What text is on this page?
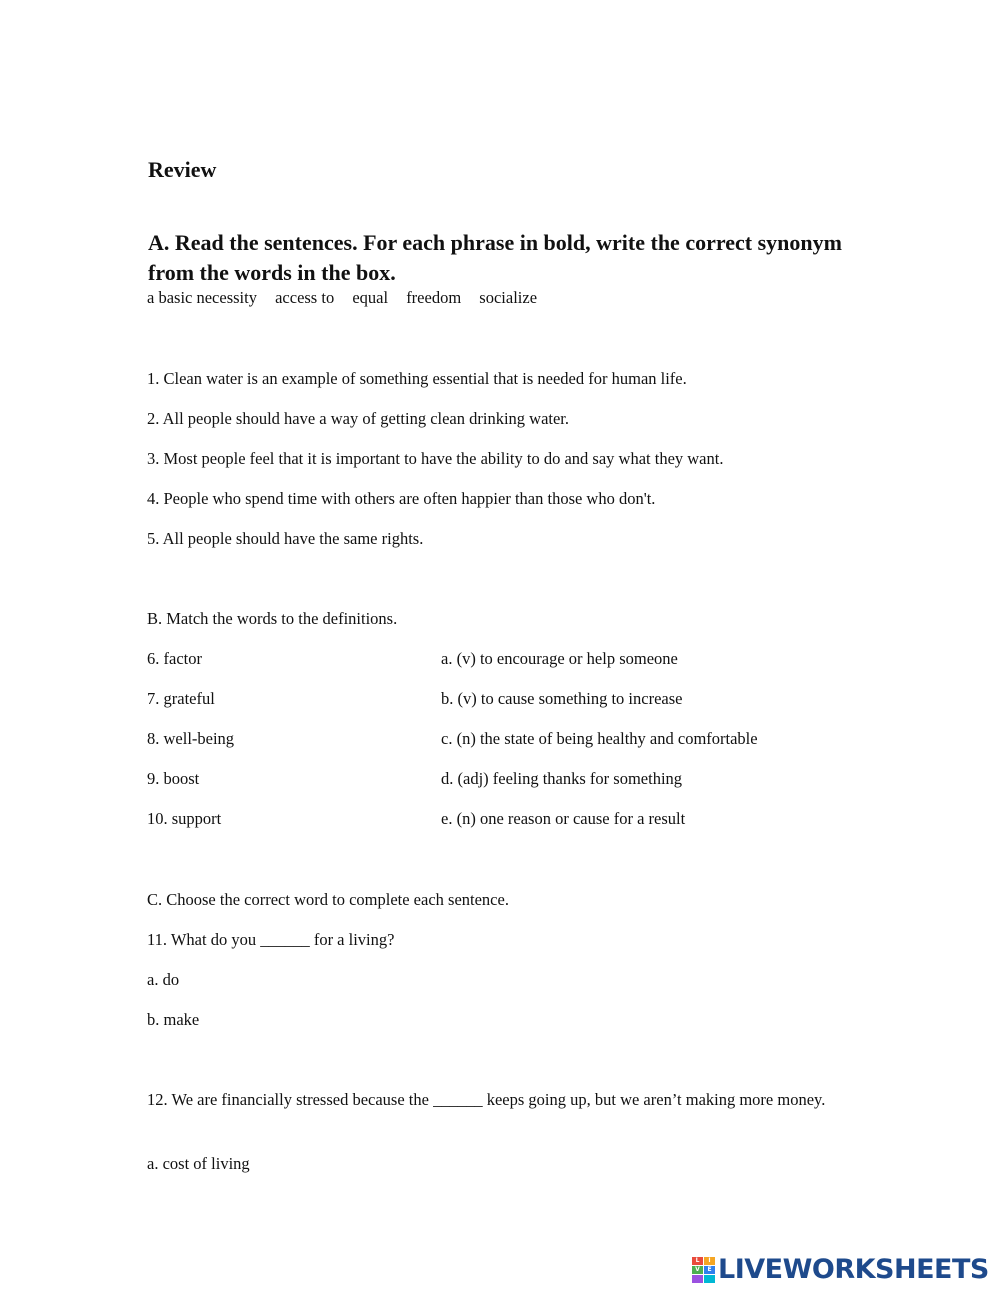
Review
A. Read the sentences. For each phrase in bold, write the correct synonym from the words in the box.
a basic necessity access to equal freedom socialize
1. Clean water is an example of something essential that is needed for human life.
2. All people should have a way of getting clean drinking water.
3. Most people feel that it is important to have the ability to do and say what they want.
4. People who spend time with others are often happier than those who don't.
5. All people should have the same rights.
B. Match the words to the definitions.
6. factor	a. (v) to encourage or help someone
7. grateful	b. (v) to cause something to increase
8. well-being	c. (n) the state of being healthy and comfortable
9. boost	d. (adj) feeling thanks for something
10. support	e. (n) one reason or cause for a result
C. Choose the correct word to complete each sentence.
11. What do you ______ for a living?
a. do
b. make
12. We are financially stressed because the ______ keeps going up, but we aren’t making more money.
a. cost of living
L	I
V	E LIVEWORKSHEETS
